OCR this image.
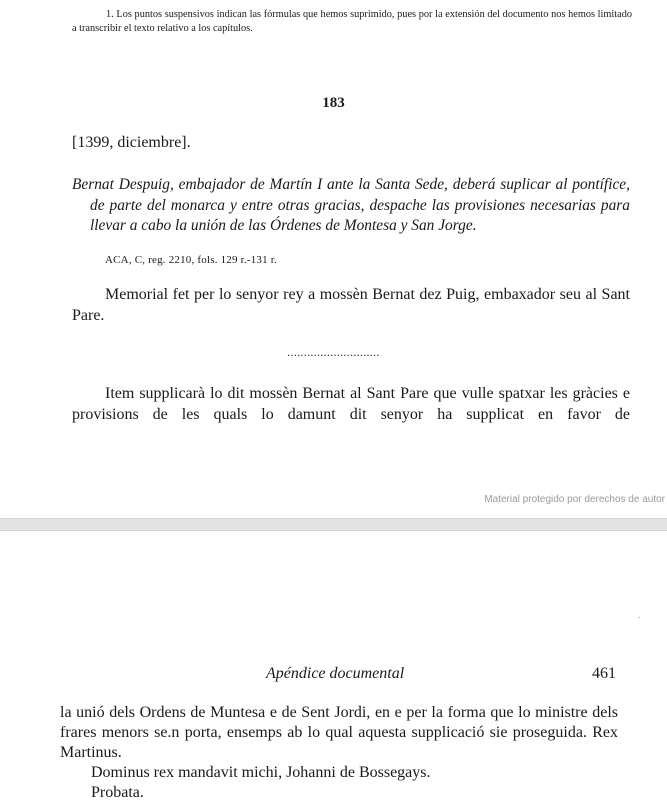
1. Los puntos suspensivos indican las fórmulas que hemos suprimido, pues por la extensión del documento nos hemos limitado a transcribir el texto relativo a los capítulos.
183
[1399, diciembre].
Bernat Despuig, embajador de Martín I ante la Santa Sede, deberá suplicar al pontífice, de parte del monarca y entre otras gracias, despache las provisiones necesarias para llevar a cabo la unión de las Órdenes de Montesa y San Jorge.
ACA, C, reg. 2210, fols. 129 r.-131 r.
Memorial fet per lo senyor rey a mossèn Bernat dez Puig, embaxador seu al Sant Pare.
............................
Item supplicarà lo dit mossèn Bernat al Sant Pare que vulle spatxar les gràcies e provisions de les quals lo damunt dit senyor ha supplicat en favor de
Material protegido por derechos de autor
Apéndice documental	461
la unió dels Ordens de Muntesa e de Sent Jordi, en e per la forma que lo ministre dels frares menors se.n porta, ensemps ab lo qual aquesta supplicació sie proseguida. Rex Martinus.
Dominus rex mandavit michi, Johanni de Bossegays.
Probata.
